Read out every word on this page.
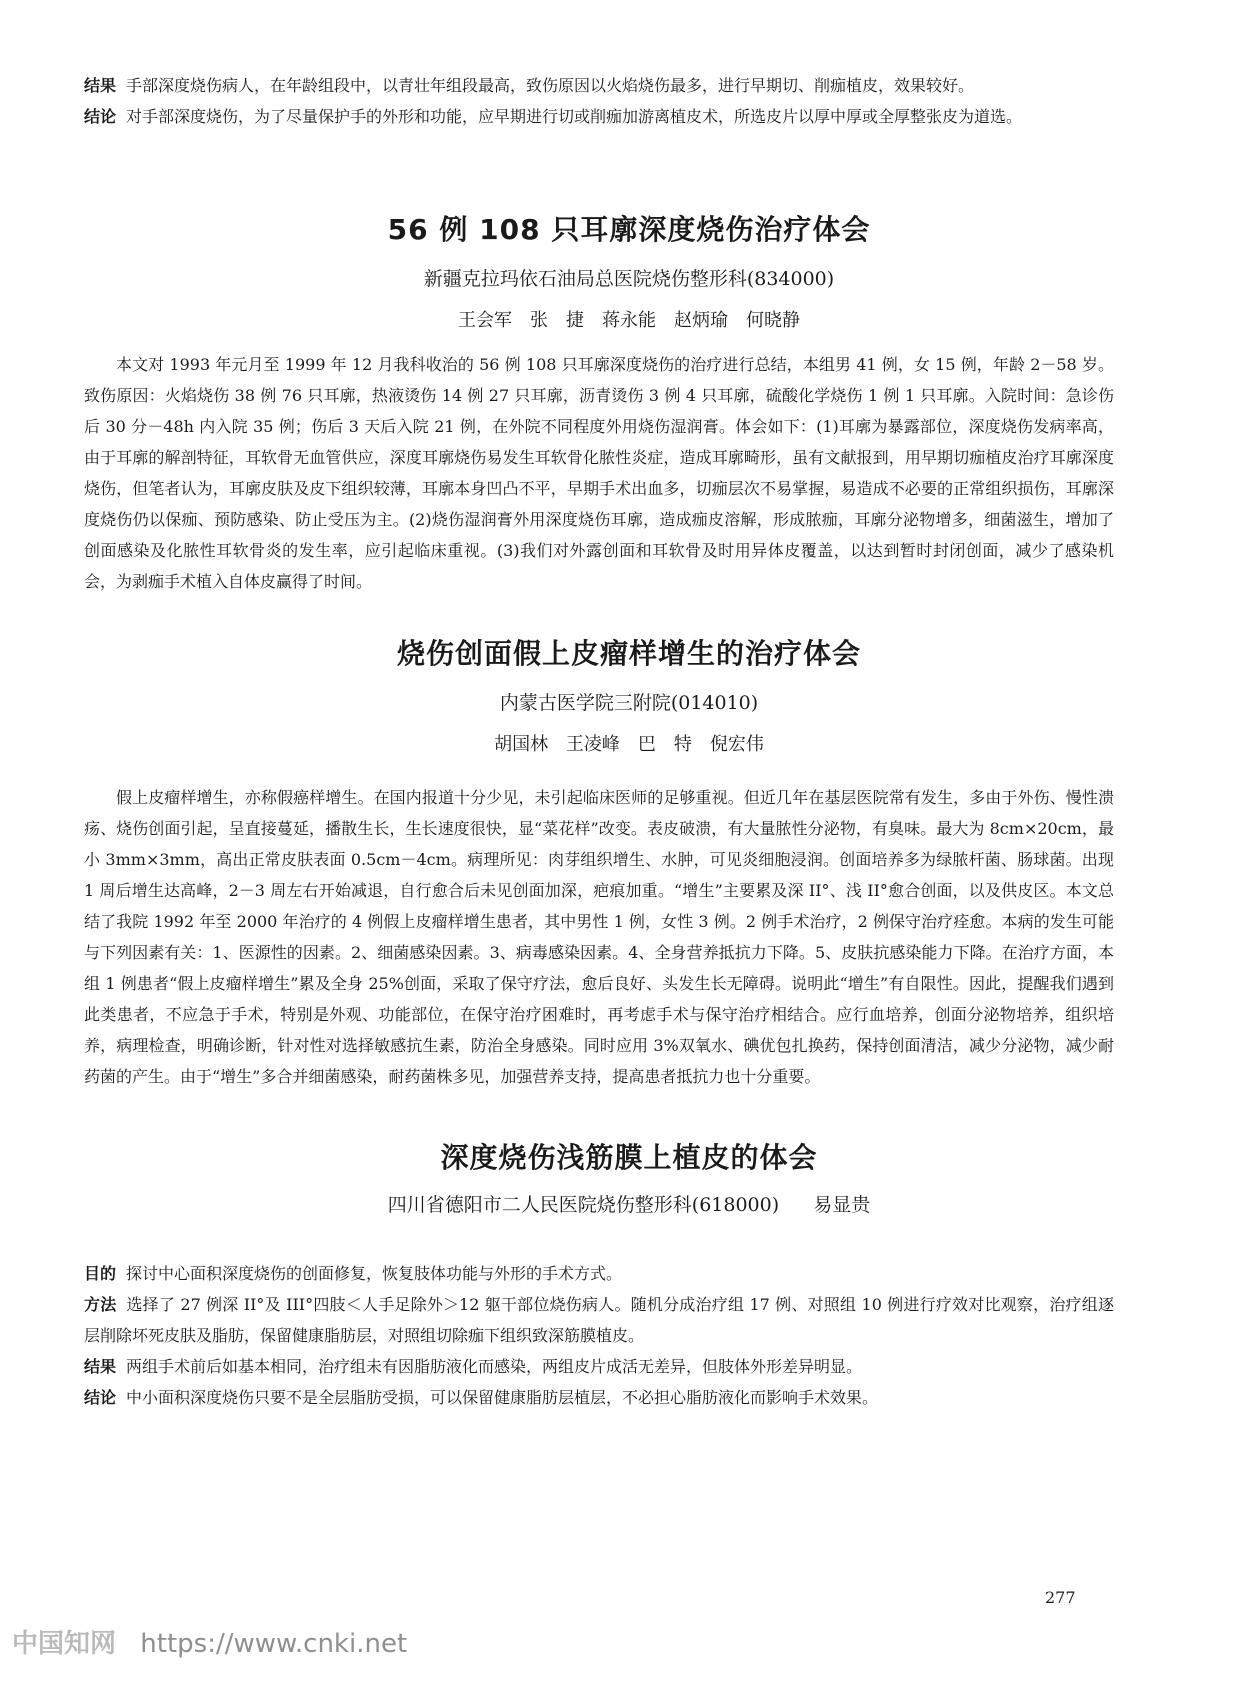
结果 手部深度烧伤病人，在年龄组段中，以青壮年组段最高，致伤原因以火焰烧伤最多，进行早期切、削痂植皮，效果较好。

结论 对手部深度烧伤，为了尽量保护手的外形和功能，应早期进行切或削痂加游离植皮术，所选皮片以厚中厚或全厚整张皮为道选。

56 例 108 只耳廓深度烧伤治疗体会
新疆克拉玛依石油局总医院烧伤整形科(834000)
王会军　张　捷　蒋永能　赵炳瑜　何晓静

本文对 1993 年元月至 1999 年 12 月我科收治的 56 例 108 只耳廓深度烧伤的治疗进行总结，本组男 41 例，女 15 例，年龄 2－58 岁。致伤原因：火焰烧伤 38 例 76 只耳廓，热液烫伤 14 例 27 只耳廓，沥青烫伤 3 例 4 只耳廓，硫酸化学烧伤 1 例 1 只耳廓。入院时间：急诊伤后 30 分－48h 内入院 35 例；伤后 3 天后入院 21 例，在外院不同程度外用烧伤湿润膏。体会如下：(1)耳廓为暴露部位，深度烧伤发病率高，由于耳廓的解剖特征，耳软骨无血管供应，深度耳廓烧伤易发生耳软骨化脓性炎症，造成耳廓畸形，虽有文献报到，用早期切痂植皮治疗耳廓深度烧伤，但笔者认为，耳廓皮肤及皮下组织较薄，耳廓本身凹凸不平，早期手术出血多，切痂层次不易掌握，易造成不必要的正常组织损伤，耳廓深度烧伤仍以保痂、预防感染、防止受压为主。(2)烧伤湿润膏外用深度烧伤耳廓，造成痂皮溶解，形成脓痂，耳廓分泌物增多，细菌滋生，增加了创面感染及化脓性耳软骨炎的发生率，应引起临床重视。(3)我们对外露创面和耳软骨及时用异体皮覆盖，以达到暂时封闭创面，减少了感染机会，为剥痂手术植入自体皮赢得了时间。

烧伤创面假上皮瘤样增生的治疗体会
内蒙古医学院三附院(014010)
胡国林 王凌峰　巴　特　倪宏伟

假上皮瘤样增生，亦称假癌样增生。在国内报道十分少见，未引起临床医师的足够重视。但近几年在基层医院常有发生，多由于外伤、慢性溃疡、烧伤创面引起，呈直接蔓延，播散生长，生长速度很快，显“菜花样”改变。表皮破溃，有大量脓性分泌物，有臭味。最大为 8cm×20cm，最小 3mm×3mm，高出正常皮肤表面 0.5cm－4cm。病理所见：肉芽组织增生、水肿，可见炎细胞浸润。创面培养多为绿脓杆菌、肠球菌。出现 1 周后增生达高峰，2－3 周左右开始减退，自行愈合后未见创面加深，疤痕加重。“增生”主要累及深 II°、浅 II°愈合创面，以及供皮区。本文总结了我院 1992 年至 2000 年治疗的 4 例假上皮瘤样增生患者，其中男性 1 例，女性 3 例。2 例手术治疗，2 例保守治疗痊愈。本病的发生可能与下列因素有关：1、医源性的因素。2、细菌感染因素。3、病毒感染因素。4、全身营养抵抗力下降。5、皮肤抗感染能力下降。在治疗方面，本组 1 例患者“假上皮瘤样增生”累及全身 25%创面，采取了保守疗法，愈后良好、头发生长无障碍。说明此“增生”有自限性。因此，提醒我们遇到此类患者，不应急于手术，特别是外观、功能部位，在保守治疗困难时，再考虑手术与保守治疗相结合。应行血培养，创面分泌物培养，组织培养，病理检查，明确诊断，针对性对选择敏感抗生素，防治全身感染。同时应用 3%双氧水、碘优包扎换药，保持创面清洁，减少分泌物，减少耐药菌的产生。由于“增生”多合并细菌感染，耐药菌株多见，加强营养支持，提高患者抵抗力也十分重要。

深度烧伤浅筋膜上植皮的体会
四川省德阳市二人民医院烧伤整形科(618000) 易显贵

目的 探讨中心面积深度烧伤的创面修复，恢复肢体功能与外形的手术方式。

方法 选择了 27 例深 II°及 III°四肢＜人手足除外＞12 躯干部位烧伤病人。随机分成治疗组 17 例、对照组 10 例进行疗效对比观察，治疗组逐层削除坏死皮肤及脂肪，保留健康脂肪层，对照组切除痂下组织致深筋膜植皮。

结果 两组手术前后如基本相同，治疗组未有因脂肪液化而感染，两组皮片成活无差异，但肢体外形差异明显。

结论 中小面积深度烧伤只要不是全层脂肪受损，可以保留健康脂肪层植层，不必担心脂肪液化而影响手术效果。

277
中国知网 https://www.cnki.net
